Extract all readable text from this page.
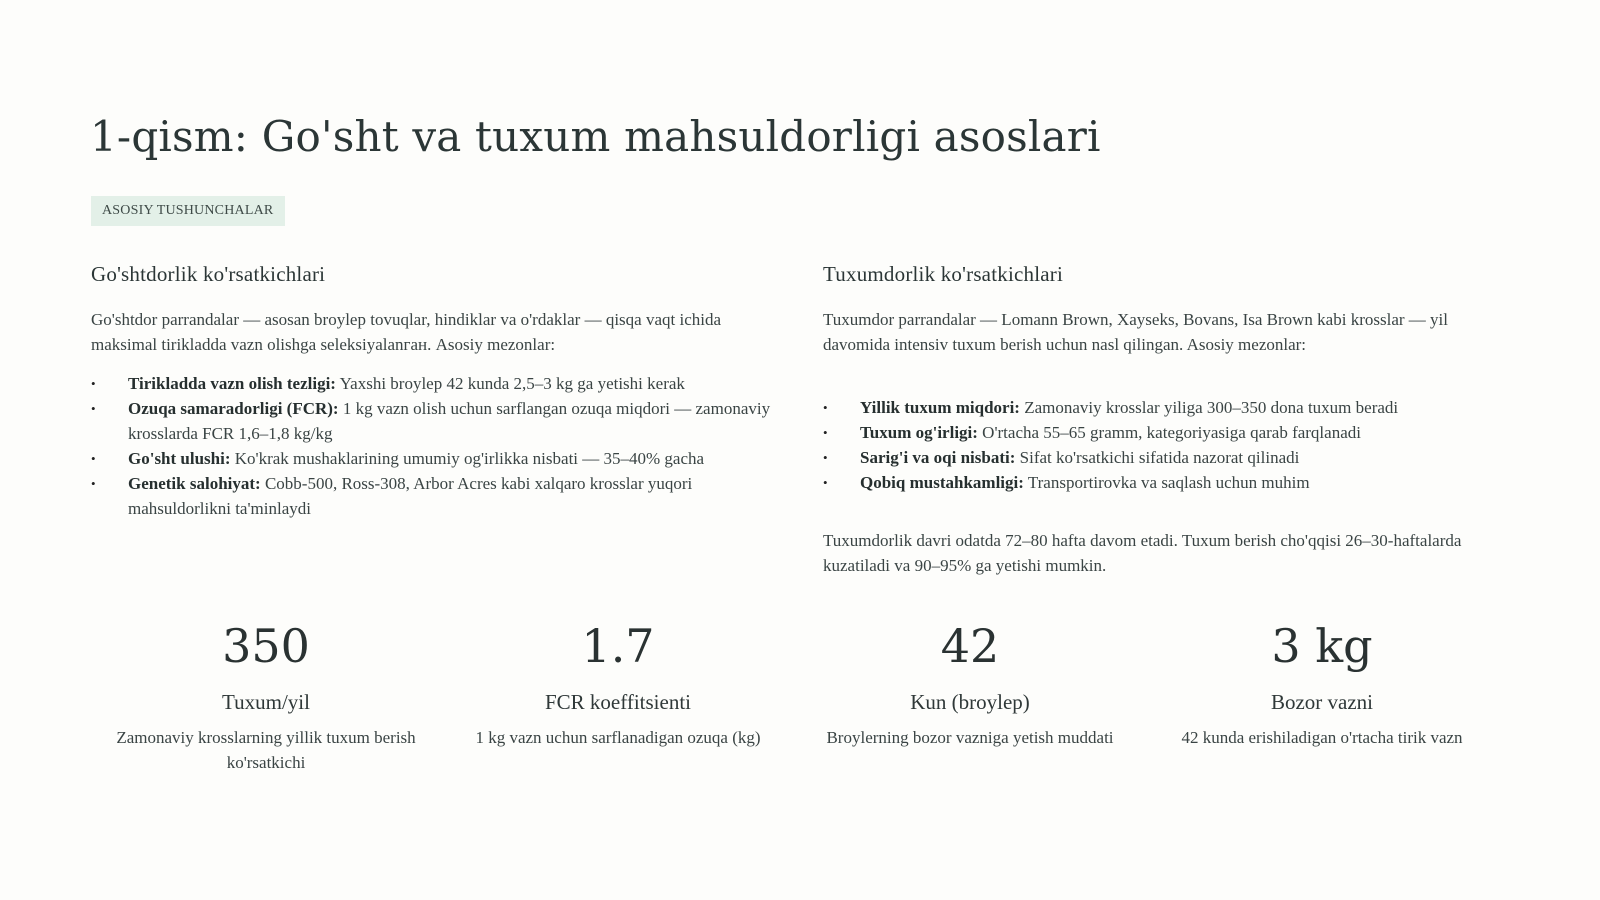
1-qism: Go'sht va tuxum mahsuldorligi asoslari
ASOSIY TUSHUNCHALAR
Go'shtdorlik ko'rsatkichlari

Go'shtdor parrandalar — asosan broylep tovuqlar, hindiklar va o'rdaklar — qisqa vaqt ichida maksimal tirikladda vazn olishga seleksiyalanган. Asosiy mezonlar:

• Tirikladda vazn olish tezligi: Yaxshi broylep 42 kunda 2,5–3 kg ga yetishi kerak
• Ozuqa samaradorligi (FCR): 1 kg vazn olish uchun sarflangan ozuqa miqdori — zamonaviy krosslarda FCR 1,6–1,8 kg/kg
• Go'sht ulushi: Ko'krak mushaklarining umumiy og'irlikka nisbati — 35–40% gacha
• Genetik salohiyat: Cobb-500, Ross-308, Arbor Acres kabi xalqaro krosslar yuqori mahsuldorlikni ta'minlaydi
Tuxumdorlik ko'rsatkichlari

Tuxumdor parrandalar — Lomann Brown, Xayseks, Bovans, Isa Brown kabi krosslar — yil davomida intensiv tuxum berish uchun nasl qilingan. Asosiy mezonlar:

• Yillik tuxum miqdori: Zamonaviy krosslar yiliga 300–350 dona tuxum beradi
• Tuxum og'irligi: O'rtacha 55–65 gramm, kategoriyasiga qarab farqlanadi
• Sarig'i va oqi nisbati: Sifat ko'rsatkichi sifatida nazorat qilinadi
• Qobiq mustahkamligi: Transportirovka va saqlash uchun muhim

Tuxumdorlik davri odatda 72–80 hafta davom etadi. Tuxum berish cho'qqisi 26–30-haftalarda kuzatiladi va 90–95% ga yetishi mumkin.

350
Tuxum/yil
Zamonaviy krosslarning yillik tuxum berish ko'rsatkichi
1.7
FCR koeffitsienti
1 kg vazn uchun sarflanadigan ozuqa (kg)
42
Kun (broylep)
Broylerning bozor vazniga yetish muddati
3 kg
Bozor vazni
42 kunda erishiladigan o'rtacha tirik vazn
